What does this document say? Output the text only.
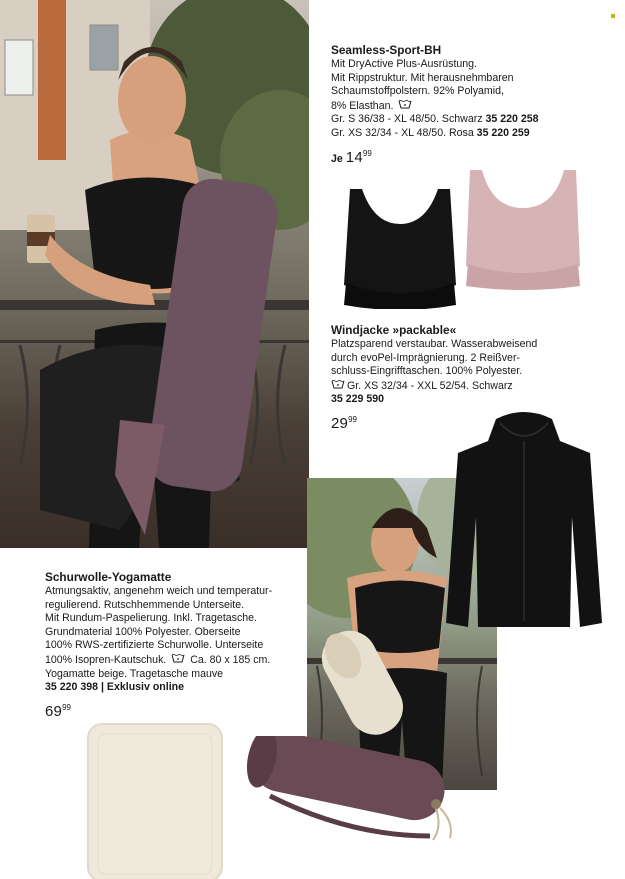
Seamless-Sport-BH
Mit DryActive Plus-Ausrüstung.
Mit Rippstruktur. Mit herausnehmbaren
Schaumstoffpolstern. 92% Polyamid,
8% Elasthan.
Gr. S 36/38 - XL 48/50. Schwarz 35 220 258
Gr. XS 32/34 - XL 48/50. Rosa 35 220 259
Je $14^{99}$
Windjacke »packable«
Platzsparend verstaubar. Wasserabweisend
durch evoPel-Imprägnierung. 2 Reißver-
schluss-Eingrifftaschen. 100% Polyester.
Gr. XS 32/34 - XXL 52/54. Schwarz
35 229 590
$29^{99}$
Schurwolle-Yogamatte
Atmungsaktiv, angenehm weich und temperatur-
regulierend. Rutschhemmende Unterseite.
Mit Rundum-Paspelierung. Inkl. Tragetasche.
Grundmaterial 100% Polyester. Oberseite
100% RWS-zertifizierte Schurwolle. Unterseite
100% Isopren-Kautschuk. Ca. 80 x 185 cm.
Yogamatte beige. Tragetasche mauve
35 220 398 | Exklusiv online
$69^{99}$
